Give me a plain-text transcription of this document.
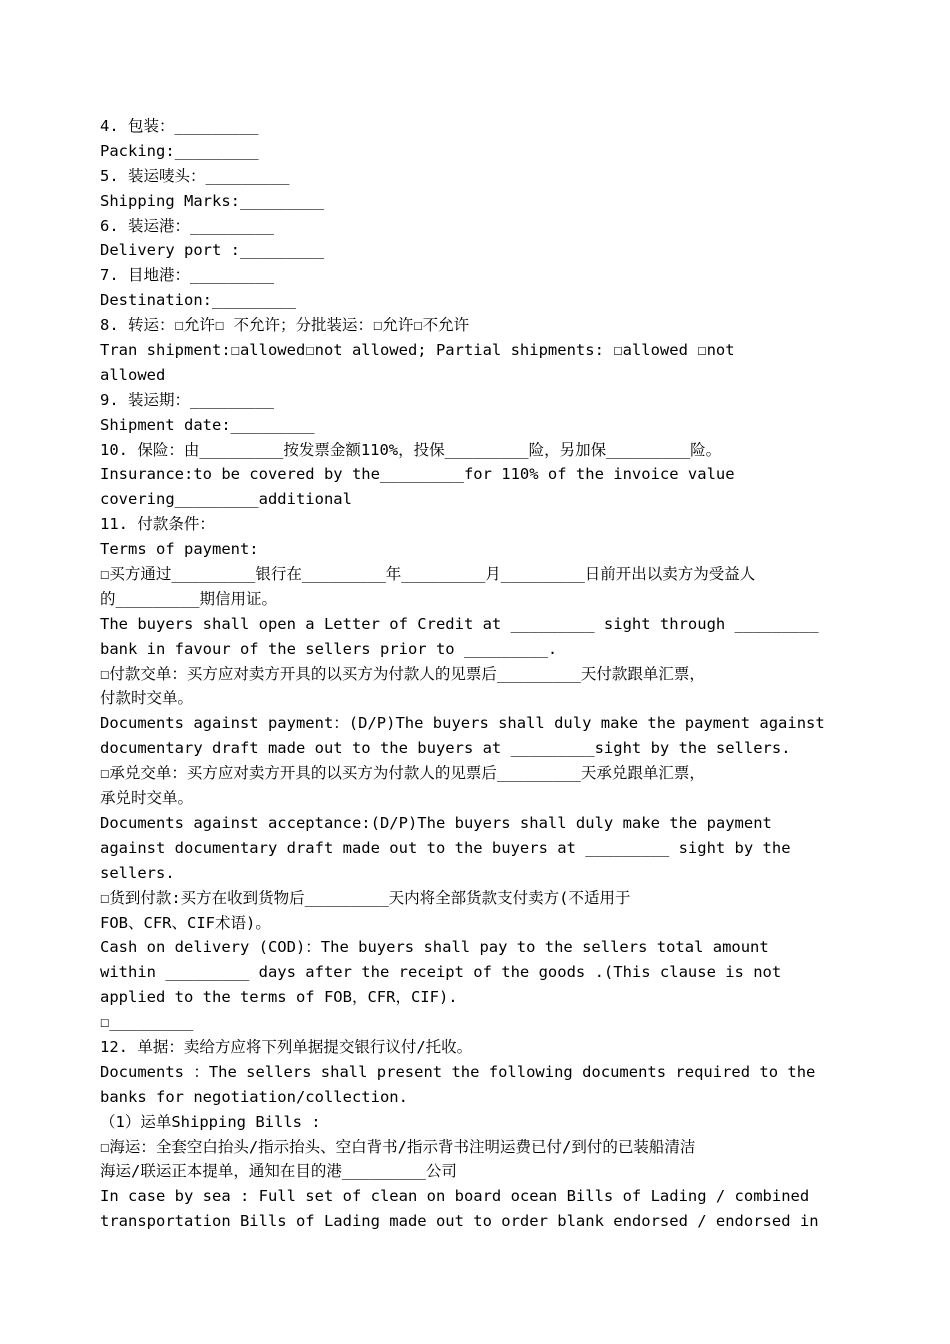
4. 包装：_________
Packing:_________
5. 装运唛头：_________
Shipping Marks:_________
6. 装运港：_________
Delivery port :_________
7. 目地港：_________
Destination:_________
8. 转运：☐允许☐ 不允许；分批装运：☐允许☐不允许
Tran shipment:☐allowed☐not allowed; Partial shipments: ☐allowed ☐not
allowed
9. 装运期：_________
Shipment date:_________
10. 保险：由_________按发票金额110%，投保_________险，另加保_________险。
Insurance:to be covered by the_________for 110% of the invoice value
covering_________additional
11. 付款条件：
Terms of payment:
☐买方通过_________银行在_________年_________月_________日前开出以卖方为受益人
的_________期信用证。
The buyers shall open a Letter of Credit at _________ sight through _________
bank in favour of the sellers prior to _________.
☐付款交单：买方应对卖方开具的以买方为付款人的见票后_________天付款跟单汇票，
付款时交单。
Documents against payment：(D/P)The buyers shall duly make the payment against
documentary draft made out to the buyers at _________sight by the sellers.
☐承兑交单：买方应对卖方开具的以买方为付款人的见票后_________天承兑跟单汇票，
承兑时交单。
Documents against acceptance:(D/P)The buyers shall duly make the payment
against documentary draft made out to the buyers at _________ sight by the
sellers.
☐货到付款:买方在收到货物后_________天内将全部货款支付卖方(不适用于
FOB、CFR、CIF术语)。
Cash on delivery (COD)：The buyers shall pay to the sellers total amount
within _________ days after the receipt of the goods .(This clause is not
applied to the terms of FOB，CFR，CIF).
☐_________
12. 单据：卖给方应将下列单据提交银行议付/托收。
Documents ：The sellers shall present the following documents required to the
banks for negotiation/collection.
（1）运单Shipping Bills :
☐海运：全套空白抬头/指示抬头、空白背书/指示背书注明运费已付/到付的已装船清洁
海运/联运正本提单，通知在目的港_________公司
In case by sea : Full set of clean on board ocean Bills of Lading / combined
transportation Bills of Lading made out to order blank endorsed / endorsed in
